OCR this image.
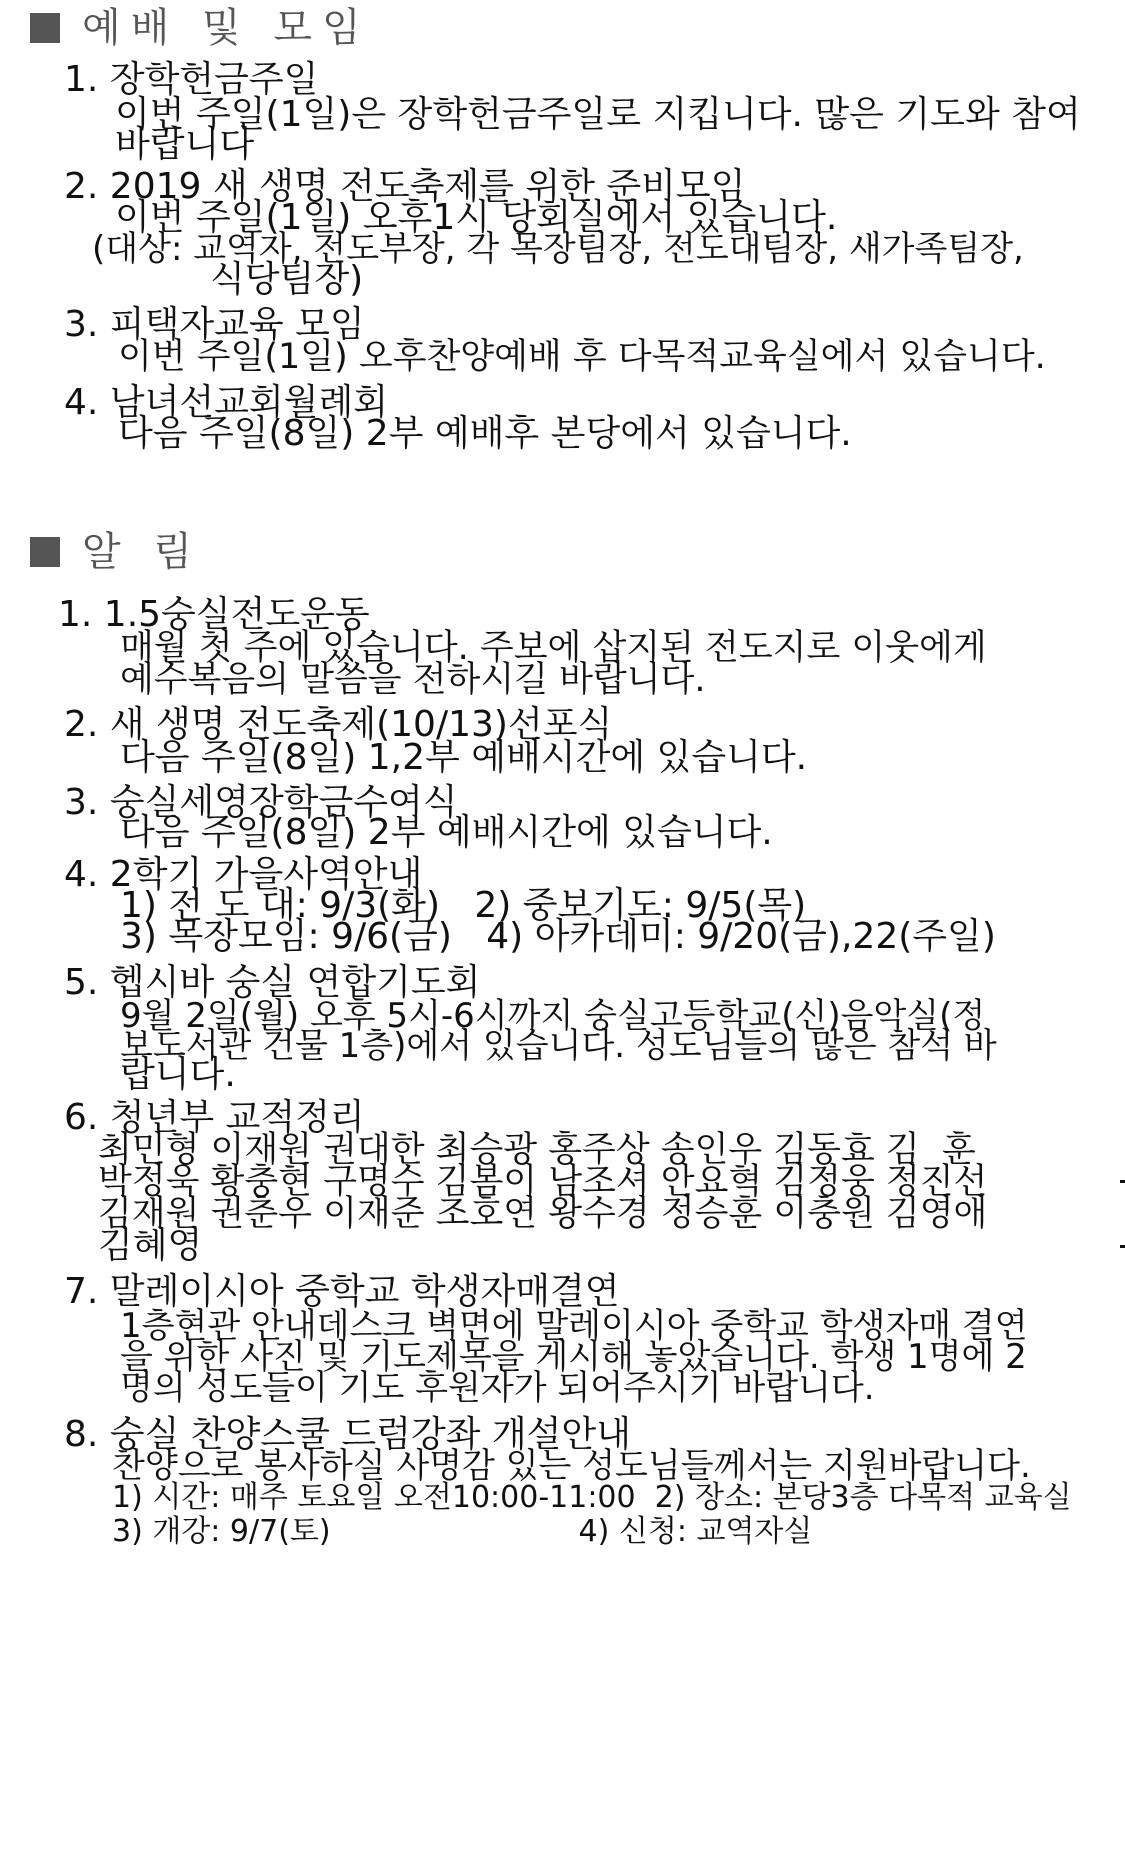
예배 및 모임
1. 장학헌금주일
이번 주일(1일)은 장학헌금주일로 지킵니다. 많은 기도와 참여
바랍니다
2. 2019 새 생명 전도축제를 위한 준비모임
이번 주일(1일) 오후1시 당회실에서 있습니다.
(대상: 교역자, 전도부장, 각 목장팀장, 전도대팀장, 새가족팀장,
식당팀장)
3. 피택자교육 모임
이번 주일(1일) 오후찬양예배 후 다목적교육실에서 있습니다.
4. 남녀선교회월례회
다음 주일(8일) 2부 예배후 본당에서 있습니다.
알 림
1. 1.5숭실전도운동
매월 첫 주에 있습니다. 주보에 삽지된 전도지로 이웃에게
예수복음의 말씀을 전하시길 바랍니다.
2. 새 생명 전도축제(10/13)선포식
다음 주일(8일) 1,2부 예배시간에 있습니다.
3. 숭실세영장학금수여식
다음 주일(8일) 2부 예배시간에 있습니다.
4. 2학기 가을사역안내
1) 전 도 대: 9/3(화)   2) 중보기도: 9/5(목)
3) 목장모임: 9/6(금)   4) 아카데미: 9/20(금),22(주일)
5. 헵시바 숭실 연합기도회
9월 2일(월) 오후 5시-6시까지 숭실고등학교(신)음악실(정
보도서관 건물 1층)에서 있습니다. 성도님들의 많은 참석 바
랍니다.
6. 청년부 교적정리
최민형 이재원 권대한 최승광 홍주상 송인우 김동효 김  훈
박정욱 황충현 구명수 김봄이 남조셔 안요혁 김정웅 정진선
김재원 권춘우 이재준 조호연 왕수경 정승훈 이충원 김영애
김혜영
7. 말레이시아 중학교 학생자매결연
1층현관 안내데스크 벽면에 말레이시아 중학교 학생자매 결연
을 위한 사진 및 기도제목을 게시해 놓았습니다. 학생 1명에 2
명의 성도들이 기도 후원자가 되어주시기 바랍니다.
8. 숭실 찬양스쿨 드럼강좌 개설안내
찬양으로 봉사하실 사명감 있는 성도님들께서는 지원바랍니다.
1) 시간: 매주 토요일 오전10:00-11:00  2) 장소: 본당3층 다목적 교육실
3) 개강: 9/7(토)                          4) 신청: 교역자실
